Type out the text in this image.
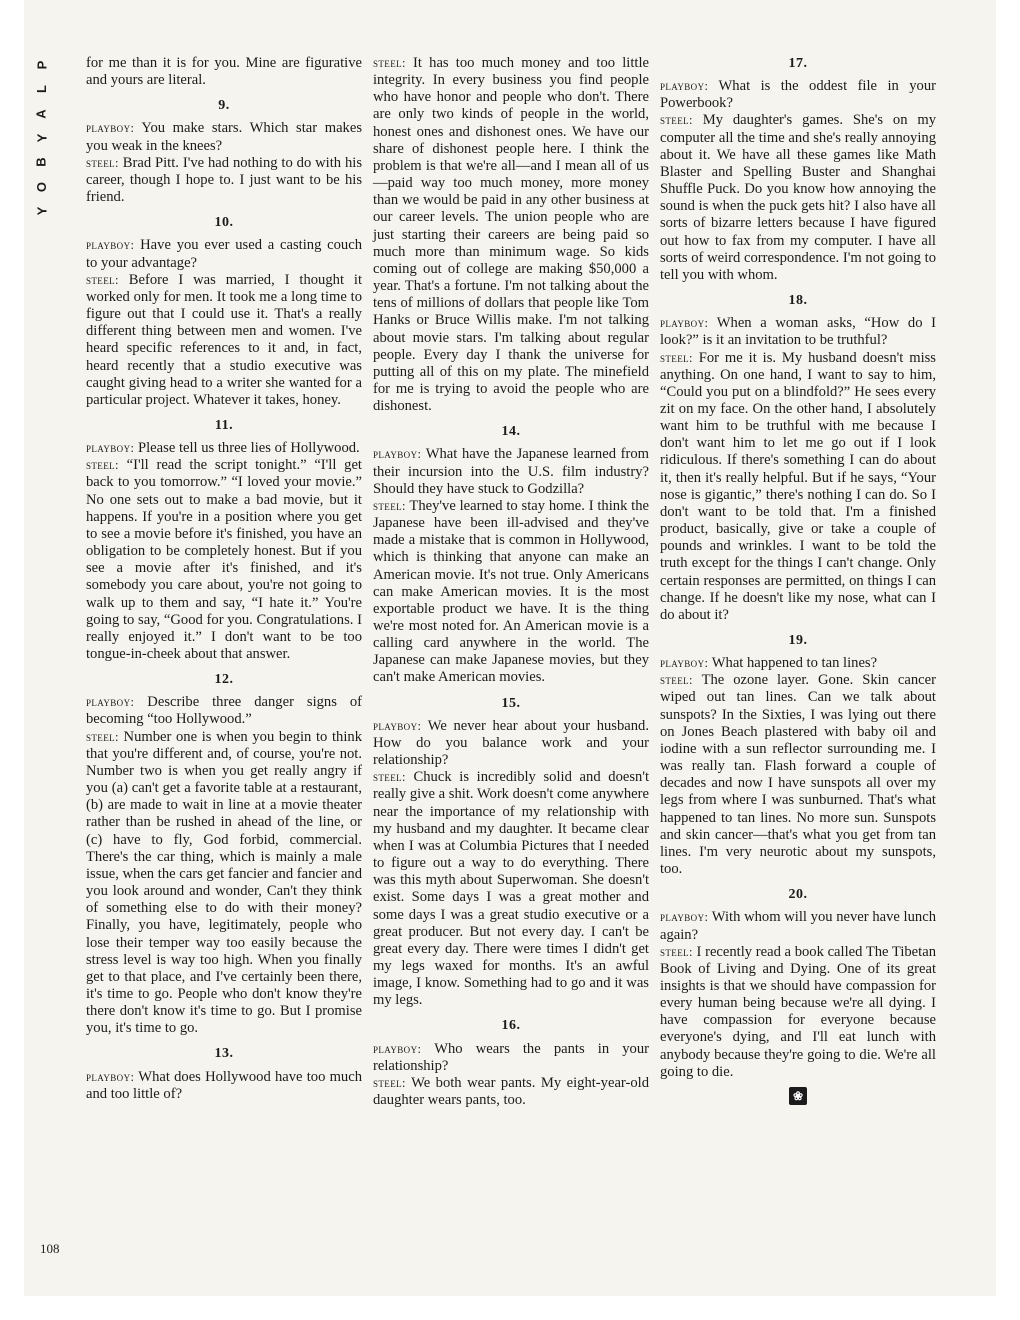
P
L
A
Y
B
O
Y

for me than it is for you. Mine are figurative and yours are literal.

9.

playboy: You make stars. Which star makes you weak in the knees?

steel: Brad Pitt. I've had nothing to do with his career, though I hope to. I just want to be his friend.

10.

playboy: Have you ever used a casting couch to your advantage?

steel: Before I was married, I thought it worked only for men. It took me a long time to figure out that I could use it. That's a really different thing between men and women. I've heard specific references to it and, in fact, heard recently that a studio executive was caught giving head to a writer she wanted for a particular project. Whatever it takes, honey.

11.

playboy: Please tell us three lies of Hollywood.

steel: “I'll read the script tonight.” “I'll get back to you tomorrow.” “I loved your movie.” No one sets out to make a bad movie, but it happens. If you're in a position where you get to see a movie before it's finished, you have an obligation to be completely honest. But if you see a movie after it's finished, and it's somebody you care about, you're not going to walk up to them and say, “I hate it.” You're going to say, “Good for you. Congratulations. I really enjoyed it.” I don't want to be too tongue-in-cheek about that answer.

12.

playboy: Describe three danger signs of becoming “too Hollywood.”

steel: Number one is when you begin to think that you're different and, of course, you're not. Number two is when you get really angry if you (a) can't get a favorite table at a restaurant, (b) are made to wait in line at a movie theater rather than be rushed in ahead of the line, or (c) have to fly, God forbid, commercial. There's the car thing, which is mainly a male issue, when the cars get fancier and fancier and you look around and wonder, Can't they think of something else to do with their money? Finally, you have, legitimately, people who lose their temper way too easily because the stress level is way too high. When you finally get to that place, and I've certainly been there, it's time to go. People who don't know they're there don't know it's time to go. But I promise you, it's time to go.

13.

playboy: What does Hollywood have too much and too little of?

steel: It has too much money and too little integrity. In every business you find people who have honor and people who don't. There are only two kinds of people in the world, honest ones and dishonest ones. We have our share of dishonest people here. I think the problem is that we're all—and I mean all of us—paid way too much money, more money than we would be paid in any other business at our career levels. The union people who are just starting their careers are being paid so much more than minimum wage. So kids coming out of college are making $50,000 a year. That's a fortune. I'm not talking about the tens of millions of dollars that people like Tom Hanks or Bruce Willis make. I'm not talking about movie stars. I'm talking about regular people. Every day I thank the universe for putting all of this on my plate. The minefield for me is trying to avoid the people who are dishonest.

14.

playboy: What have the Japanese learned from their incursion into the U.S. film industry? Should they have stuck to Godzilla?

steel: They've learned to stay home. I think the Japanese have been ill-advised and they've made a mistake that is common in Hollywood, which is thinking that anyone can make an American movie. It's not true. Only Americans can make American movies. It is the most exportable product we have. It is the thing we're most noted for. An American movie is a calling card anywhere in the world. The Japanese can make Japanese movies, but they can't make American movies.

15.

playboy: We never hear about your husband. How do you balance work and your relationship?

steel: Chuck is incredibly solid and doesn't really give a shit. Work doesn't come anywhere near the importance of my relationship with my husband and my daughter. It became clear when I was at Columbia Pictures that I needed to figure out a way to do everything. There was this myth about Superwoman. She doesn't exist. Some days I was a great mother and some days I was a great studio executive or a great producer. But not every day. I can't be great every day. There were times I didn't get my legs waxed for months. It's an awful image, I know. Something had to go and it was my legs.

16.

playboy: Who wears the pants in your relationship?

steel: We both wear pants. My eight-year-old daughter wears pants, too.

17.

playboy: What is the oddest file in your Powerbook?

steel: My daughter's games. She's on my computer all the time and she's really annoying about it. We have all these games like Math Blaster and Spelling Buster and Shanghai Shuffle Puck. Do you know how annoying the sound is when the puck gets hit? I also have all sorts of bizarre letters because I have figured out how to fax from my computer. I have all sorts of weird correspondence. I'm not going to tell you with whom.

18.

playboy: When a woman asks, “How do I look?” is it an invitation to be truthful?

steel: For me it is. My husband doesn't miss anything. On one hand, I want to say to him, “Could you put on a blindfold?” He sees every zit on my face. On the other hand, I absolutely want him to be truthful with me because I don't want him to let me go out if I look ridiculous. If there's something I can do about it, then it's really helpful. But if he says, “Your nose is gigantic,” there's nothing I can do. So I don't want to be told that. I'm a finished product, basically, give or take a couple of pounds and wrinkles. I want to be told the truth except for the things I can't change. Only certain responses are permitted, on things I can change. If he doesn't like my nose, what can I do about it?

19.

playboy: What happened to tan lines?

steel: The ozone layer. Gone. Skin cancer wiped out tan lines. Can we talk about sunspots? In the Sixties, I was lying out there on Jones Beach plastered with baby oil and iodine with a sun reflector surrounding me. I was really tan. Flash forward a couple of decades and now I have sunspots all over my legs from where I was sunburned. That's what happened to tan lines. No more sun. Sunspots and skin cancer—that's what you get from tan lines. I'm very neurotic about my sunspots, too.

20.

playboy: With whom will you never have lunch again?

steel: I recently read a book called The Tibetan Book of Living and Dying. One of its great insights is that we should have compassion for every human being because we're all dying. I have compassion for everyone because everyone's dying, and I'll eat lunch with anybody because they're going to die. We're all going to die.

❀
108
